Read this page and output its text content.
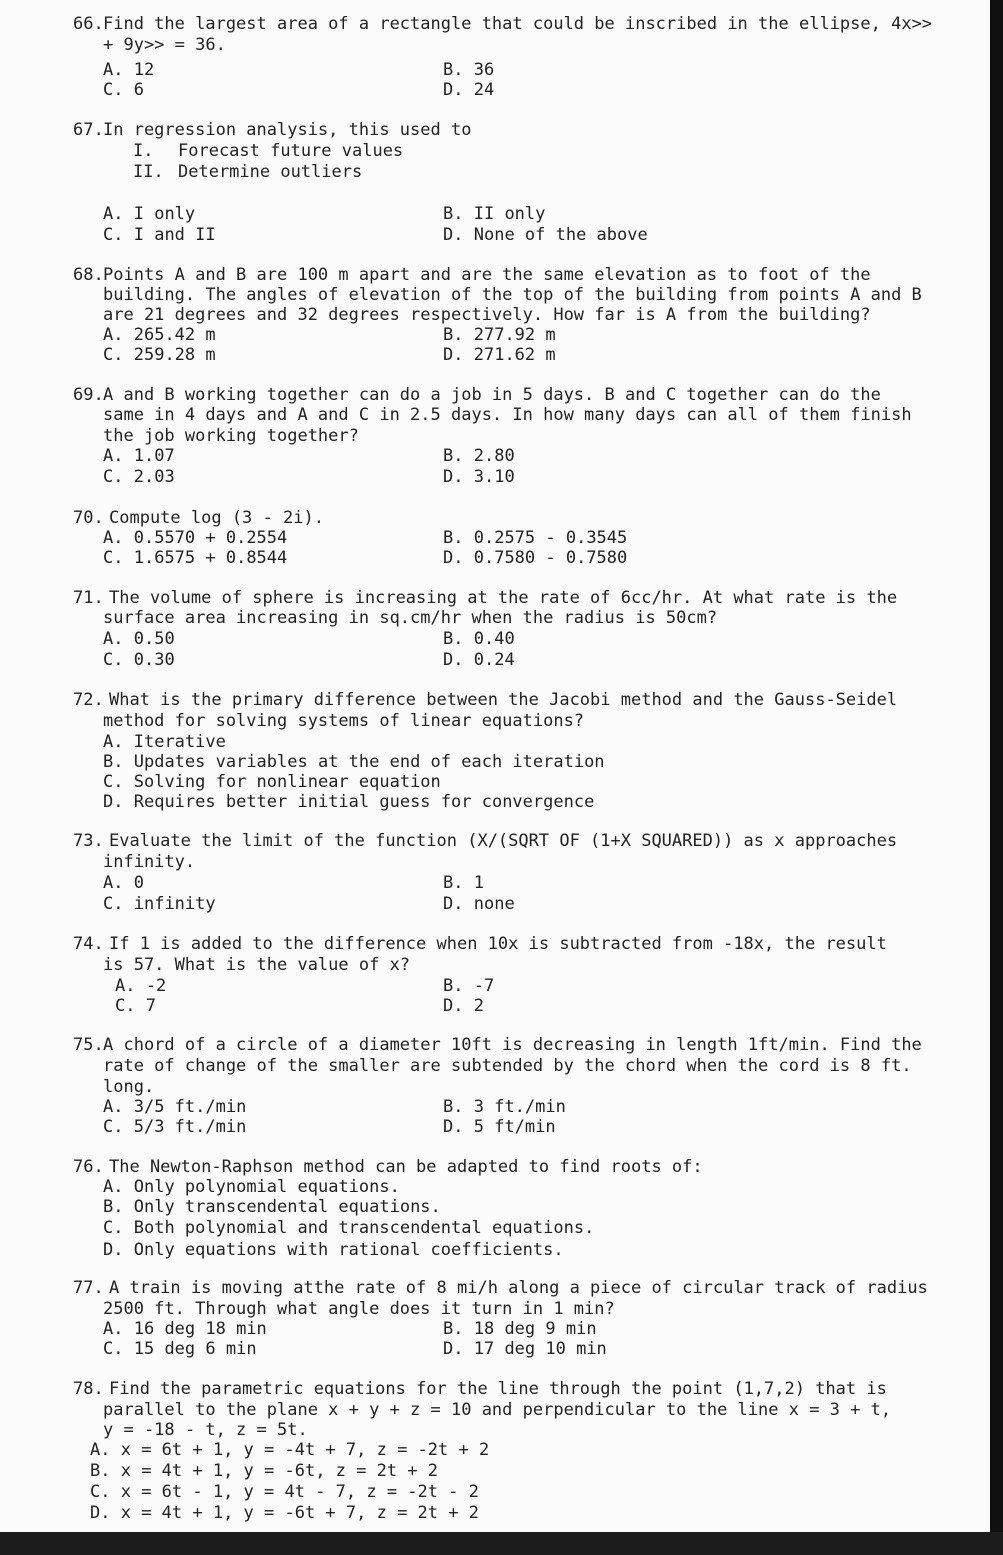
66. Find the largest area of a rectangle that could be inscribed in the ellipse, 4x>>
+ 9y>> = 36.
A. 12	B. 36
C. 6	D. 24
67. In regression analysis, this used to
I. Forecast future values
II. Determine outliers
A. I only	B. II only
C. I and II	D. None of the above
68. Points A and B are 100 m apart and are the same elevation as to foot of the
building. The angles of elevation of the top of the building from points A and B
are 21 degrees and 32 degrees respectively. How far is A from the building?
A. 265.42 m	B. 277.92 m
C. 259.28 m	D. 271.62 m
69. A and B working together can do a job in 5 days. B and C together can do the
same in 4 days and A and C in 2.5 days. In how many days can all of them finish
the job working together?
A. 1.07	B. 2.80
C. 2.03	D. 3.10
70. Compute log (3 - 2i).
A. 0.5570 + 0.2554	B. 0.2575 - 0.3545
C. 1.6575 + 0.8544	D. 0.7580 - 0.7580
71. The volume of sphere is increasing at the rate of 6cc/hr. At what rate is the
surface area increasing in sq.cm/hr when the radius is 50cm?
A. 0.50	B. 0.40
C. 0.30	D. 0.24
72. What is the primary difference between the Jacobi method and the Gauss-Seidel
method for solving systems of linear equations?
A. Iterative
B. Updates variables at the end of each iteration
C. Solving for nonlinear equation
D. Requires better initial guess for convergence
73. Evaluate the limit of the function (X/(SQRT OF (1+X SQUARED)) as x approaches
infinity.
A. 0	B. 1
C. infinity	D. none
74. If 1 is added to the difference when 10x is subtracted from -18x, the result
is 57. What is the value of x?
A. -2	B. -7
C. 7	D. 2
75. A chord of a circle of a diameter 10ft is decreasing in length 1ft/min. Find the
rate of change of the smaller are subtended by the chord when the cord is 8 ft.
long.
A. 3/5 ft./min	B. 3 ft./min
C. 5/3 ft./min	D. 5 ft/min
76. The Newton-Raphson method can be adapted to find roots of:
A. Only polynomial equations.
B. Only transcendental equations.
C. Both polynomial and transcendental equations.
D. Only equations with rational coefficients.
77. A train is moving atthe rate of 8 mi/h along a piece of circular track of radius
2500 ft. Through what angle does it turn in 1 min?
A. 16 deg 18 min	B. 18 deg 9 min
C. 15 deg 6 min	D. 17 deg 10 min
78. Find the parametric equations for the line through the point (1,7,2) that is
parallel to the plane x + y + z = 10 and perpendicular to the line x = 3 + t,
y = -18 - t, z = 5t.
A. x = 6t + 1, y = -4t + 7, z = -2t + 2
B. x = 4t + 1, y = -6t, z = 2t + 2
C. x = 6t - 1, y = 4t - 7, z = -2t - 2
D. x = 4t + 1, y = -6t + 7, z = 2t + 2
